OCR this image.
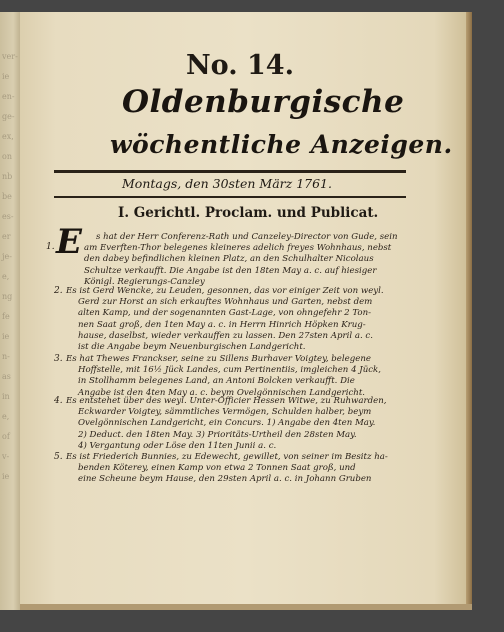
ver-
ie
en-
ge-
ex,
on
nb
be
es-
er
je-
e,
ng
fe
ie
n-
as
in
e,
of
v-
ie
No. 14.
Oldenburgische
wöchentliche Anzeigen.
Montags, den 30sten März 1761.
I. Gerichtl. Proclam. und Publicat.
1. E s hat der Herr Conferenz-Rath und Canzeley-Director von Gude, sein
am Everften-Thor belegenes kleineres adelich freyes Wohnhaus, nebst
den dabey befindlichen kleinen Platz, an den Schulhalter Nicolaus
Schultze verkaufft. Die Angabe ist den 18ten May a. c. auf hiesiger
Königl. Regierungs-Canzley
2. Es ist Gerd Wencke, zu Leuden, gesonnen, das vor einiger Zeit von weyl.
Gerd zur Horst an sich erkauftes Wohnhaus und Garten, nebst dem
alten Kamp, und der sogenannten Gast-Lage, von ohngefehr 2 Ton-
nen Saat groß, den 1ten May a. c. in Herrn Hinrich Höpken Krug-
hause, daselbst, wieder verkauffen zu lassen. Den 27sten April a. c.
ist die Angabe beym Neuenburgischen Landgericht.
3. Es hat Thewes Franckser, seine zu Sillens Burhaver Voigtey, belegene
Hoffstelle, mit 16½ Jück Landes, cum Pertinentiis, imgleichen 4 Jück,
in Stollhamm belegenes Land, an Antoni Bolcken verkaufft. Die
Angabe ist den 4ten May a. c. beym Ovelgönnischen Landgericht.
4. Es entstehet über des weyl. Unter-Officier Hessen Witwe, zu Ruhwarden,
Eckwarder Voigtey, sämmtliches Vermögen, Schulden halber, beym
Ovelgönnischen Landgericht, ein Concurs. 1) Angabe den 4ten May.
2) Deduct. den 18ten May. 3) Prioritäts-Urtheil den 28sten May.
4) Vergantung oder Löse den 11ten Junii a. c.
5. Es ist Friederich Bunnies, zu Edewecht, gewillet, von seiner im Besitz ha-
benden Köterey, einen Kamp von etwa 2 Tonnen Saat groß, und
eine Scheune beym Hause, den 29sten April a. c. in Johann Gruben
